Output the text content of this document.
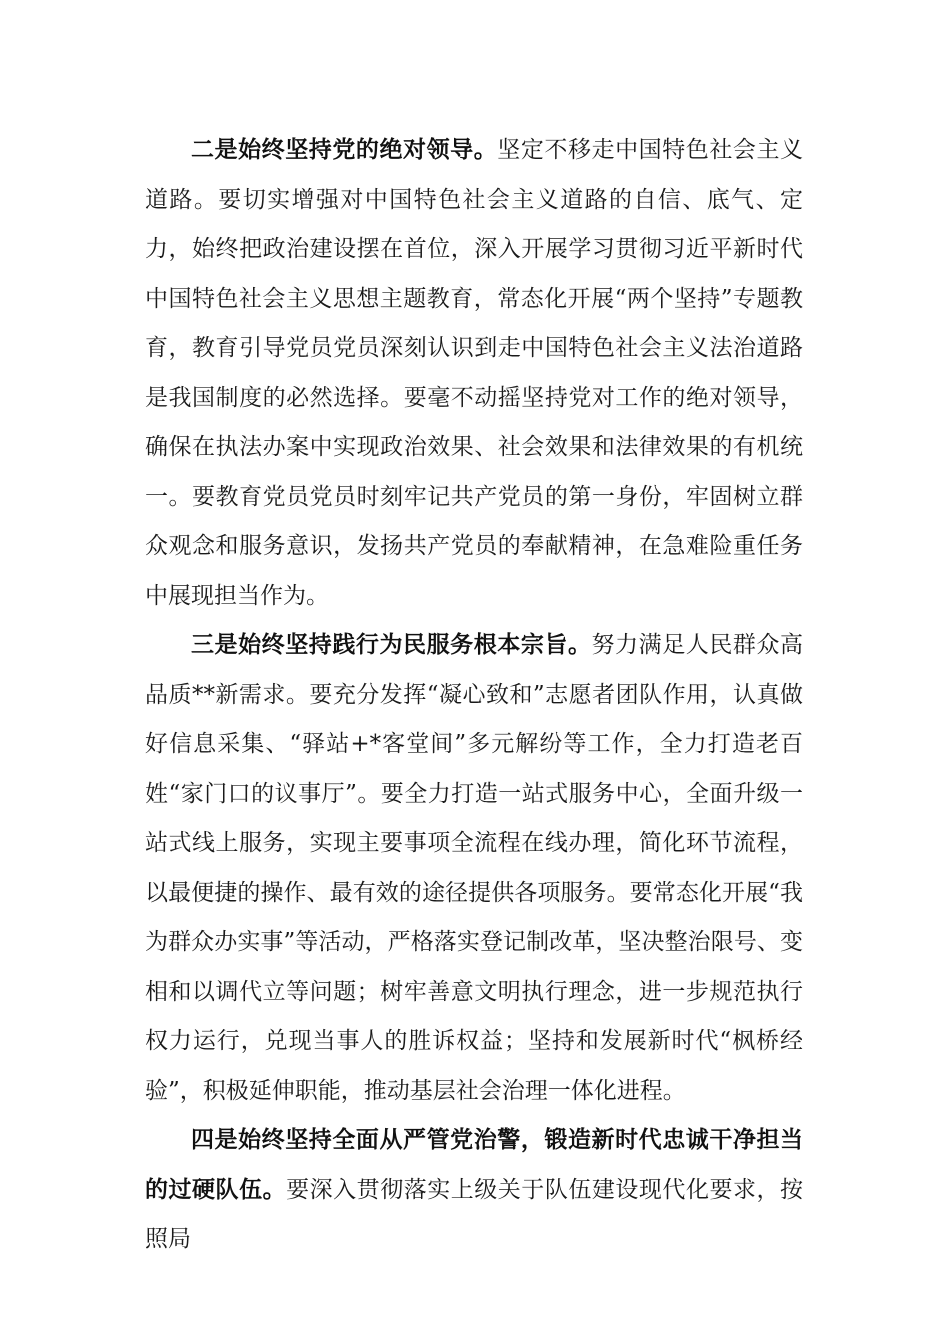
二是始终坚持党的绝对领导。坚定不移走中国特色社会主义道路。要切实增强对中国特色社会主义道路的自信、底气、定力，始终把政治建设摆在首位，深入开展学习贯彻习近平新时代中国特色社会主义思想主题教育，常态化开展“两个坚持”专题教育，教育引导党员党员深刻认识到走中国特色社会主义法治道路是我国制度的必然选择。要毫不动摇坚持党对工作的绝对领导，确保在执法办案中实现政治效果、社会效果和法律效果的有机统一。要教育党员党员时刻牢记共产党员的第一身份，牢固树立群众观念和服务意识，发扬共产党员的奉献精神，在急难险重任务中展现担当作为。

三是始终坚持践行为民服务根本宗旨。努力满足人民群众高品质**新需求。要充分发挥“凝心致和”志愿者团队作用，认真做好信息采集、“驿站+*客堂间”多元解纷等工作，全力打造老百姓“家门口的议事厅”。要全力打造一站式服务中心，全面升级一站式线上服务，实现主要事项全流程在线办理，简化环节流程，以最便捷的操作、最有效的途径提供各项服务。要常态化开展“我为群众办实事”等活动，严格落实登记制改革，坚决整治限号、变相和以调代立等问题；树牢善意文明执行理念，进一步规范执行权力运行，兑现当事人的胜诉权益；坚持和发展新时代“枫桥经验”，积极延伸职能，推动基层社会治理一体化进程。

四是始终坚持全面从严管党治警，锻造新时代忠诚干净担当的过硬队伍。要深入贯彻落实上级关于队伍建设现代化要求，按照局
